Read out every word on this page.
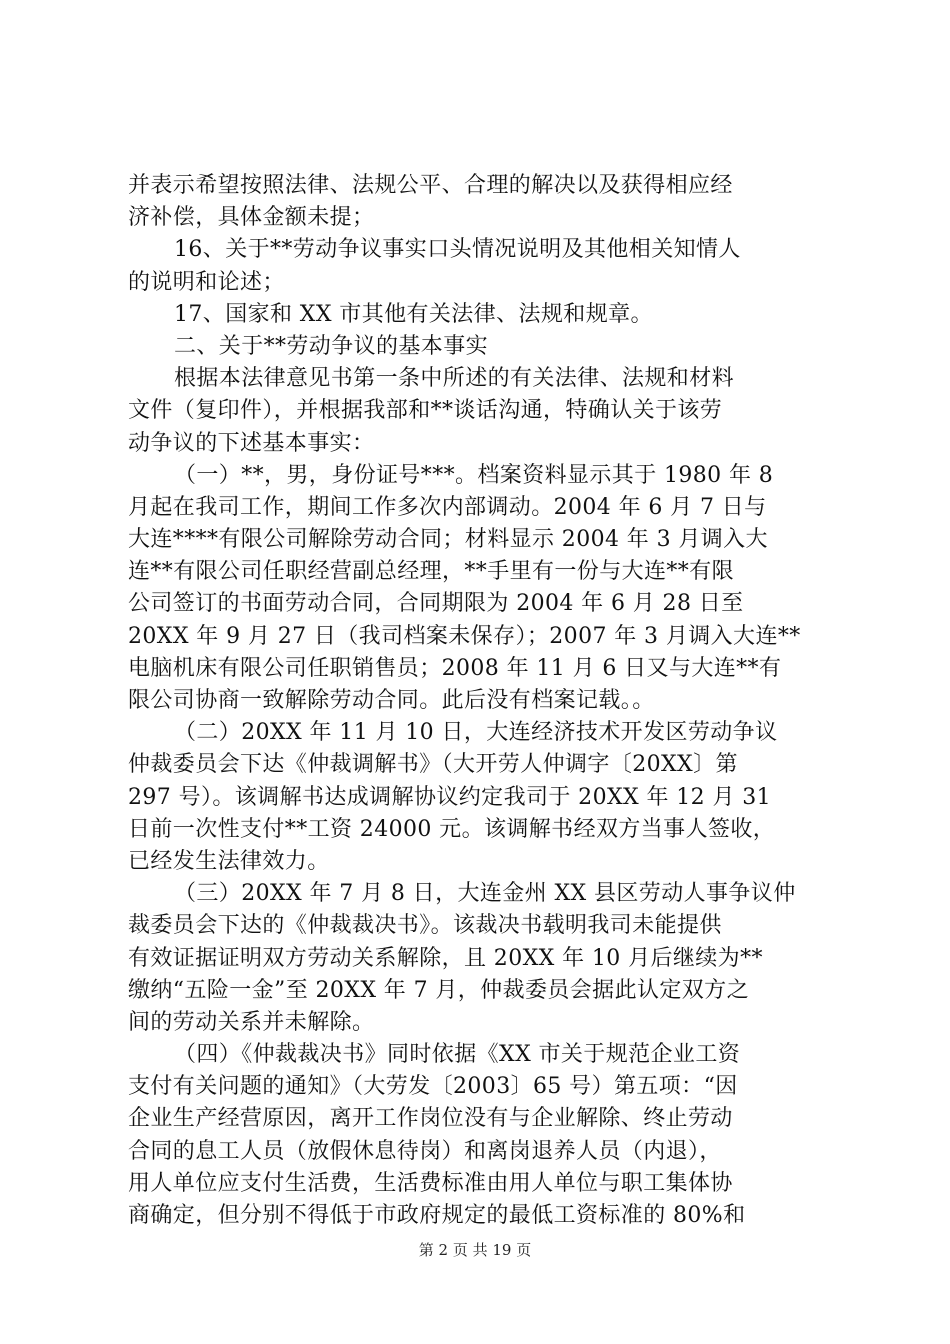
并表示希望按照法律、法规公平、合理的解决以及获得相应经
济补偿，具体金额未提；
16、关于**劳动争议事实口头情况说明及其他相关知情人
的说明和论述；
17、国家和 XX 市其他有关法律、法规和规章。
二、关于**劳动争议的基本事实
根据本法律意见书第一条中所述的有关法律、法规和材料
文件（复印件），并根据我部和**谈话沟通，特确认关于该劳
动争议的下述基本事实：
（一）**，男，身份证号***。档案资料显示其于 1980 年 8
月起在我司工作，期间工作多次内部调动。2004 年 6 月 7 日与
大连****有限公司解除劳动合同；材料显示 2004 年 3 月调入大
连**有限公司任职经营副总经理，**手里有一份与大连**有限
公司签订的书面劳动合同，合同期限为 2004 年 6 月 28 日至
20XX 年 9 月 27 日（我司档案未保存）；2007 年 3 月调入大连**
电脑机床有限公司任职销售员；2008 年 11 月 6 日又与大连**有
限公司协商一致解除劳动合同。此后没有档案记载。。
（二）20XX 年 11 月 10 日，大连经济技术开发区劳动争议
仲裁委员会下达《仲裁调解书》（大开劳人仲调字〔20XX〕第
297 号）。该调解书达成调解协议约定我司于 20XX 年 12 月 31
日前一次性支付**工资 24000 元。该调解书经双方当事人签收，
已经发生法律效力。
（三）20XX 年 7 月 8 日，大连金州 XX 县区劳动人事争议仲
裁委员会下达的《仲裁裁决书》。该裁决书载明我司未能提供
有效证据证明双方劳动关系解除，且 20XX 年 10 月后继续为**
缴纳“五险一金”至 20XX 年 7 月，仲裁委员会据此认定双方之
间的劳动关系并未解除。
（四）《仲裁裁决书》同时依据《XX 市关于规范企业工资
支付有关问题的通知》（大劳发〔2003〕65 号）第五项：“因
企业生产经营原因，离开工作岗位没有与企业解除、终止劳动
合同的息工人员（放假休息待岗）和离岗退养人员（内退），
用人单位应支付生活费，生活费标准由用人单位与职工集体协
商确定，但分别不得低于市政府规定的最低工资标准的 80%和
第 2 页 共 19 页
